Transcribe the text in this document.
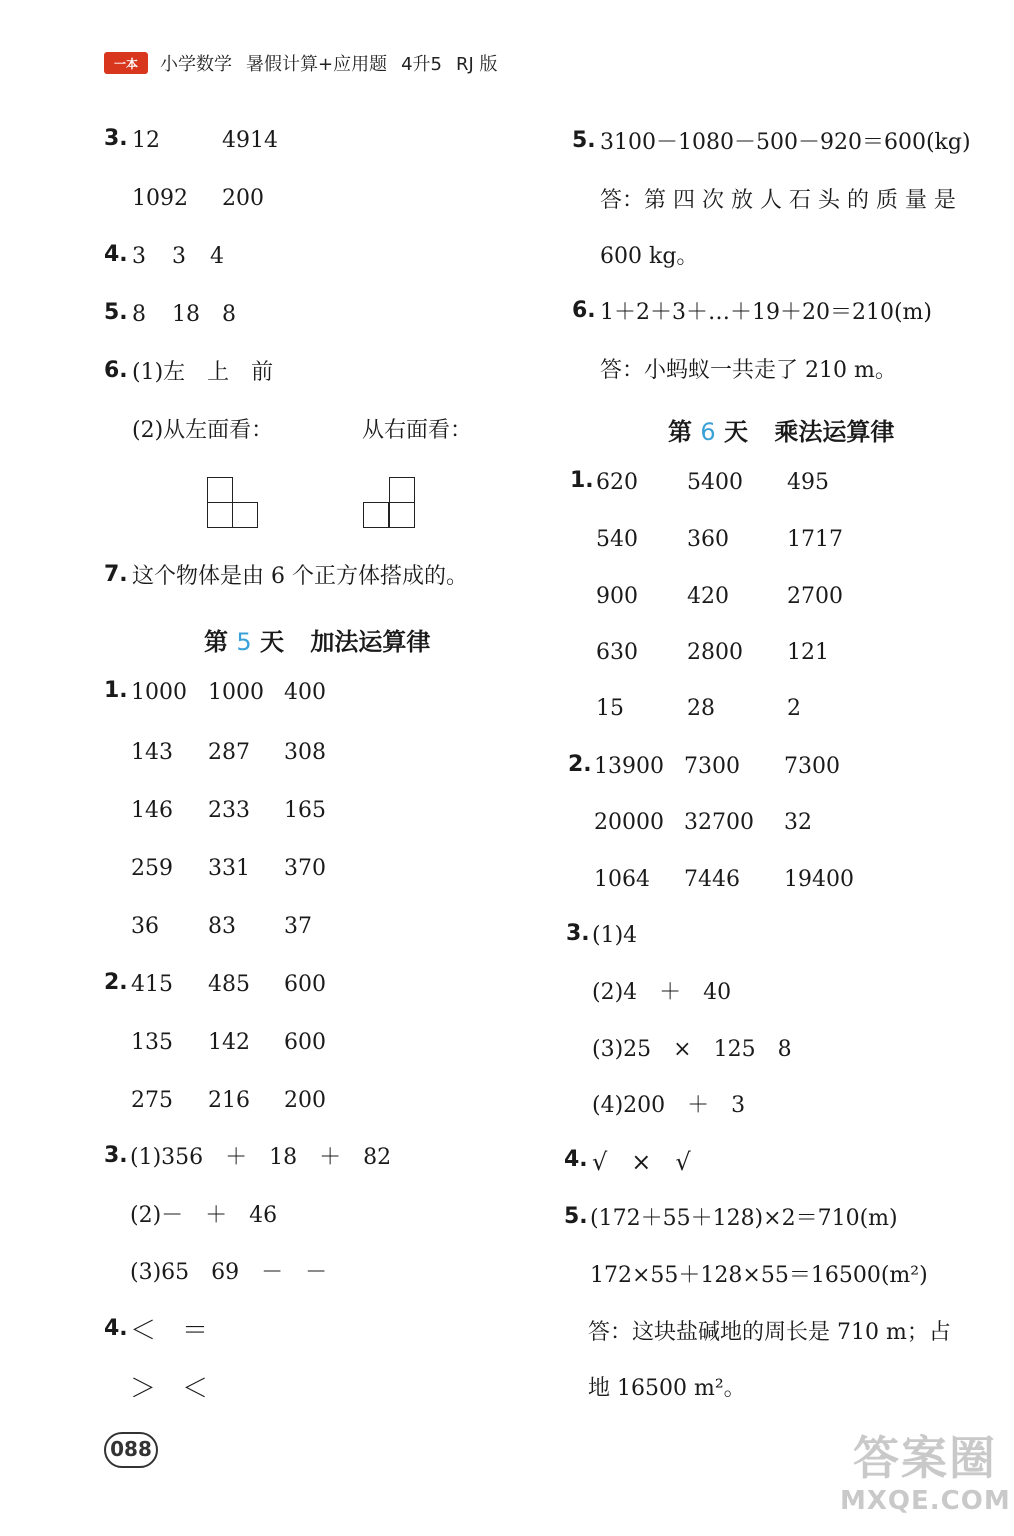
一本	小学数学 暑假计算+应用题 4升5 RJ 版
3. 12	4914
1092 200
4. 3 3 4
5. 8 18 8
6. (1)左　上　前
(2)从左面看：	从右面看：
7. 这个物体是由 6 个正方体搭成的。
第 5 天 加法运算律
1. 1000 1000 400
143 287 308
146 233 165
259 331 370
36 83 37
2. 415 485 600
135 142 600
275 216 200
3. (1)356　＋　18　＋　82
(2)－　＋　46
(3)65　69　－　－
4. ＜　＝
＞　＜
5. 3100－1080－500－920＝600(kg)
答：第 四 次 放 人 石 头 的 质 量 是
600 kg。
6. 1＋2＋3＋…＋19＋20＝210(m)
答：小蚂蚁一共走了 210 m。
第 6 天 乘法运算律
1. 620 5400 495
540 360	1717
900 420	2700
630 2800 121
15	28	2
2. 13900 7300 7300
20000 32700 32
1064 7446 19400
3. (1)4
(2)4　＋　40
(3)25　×　125　8
(4)200　＋　3
4. √　×　√
5. (172＋55＋128)×2＝710(m)
172×55＋128×55＝16500(m²)
答：这块盐碱地的周长是 710 m；占
地 16500 m²。
088	答案圈
MXQE.COM
